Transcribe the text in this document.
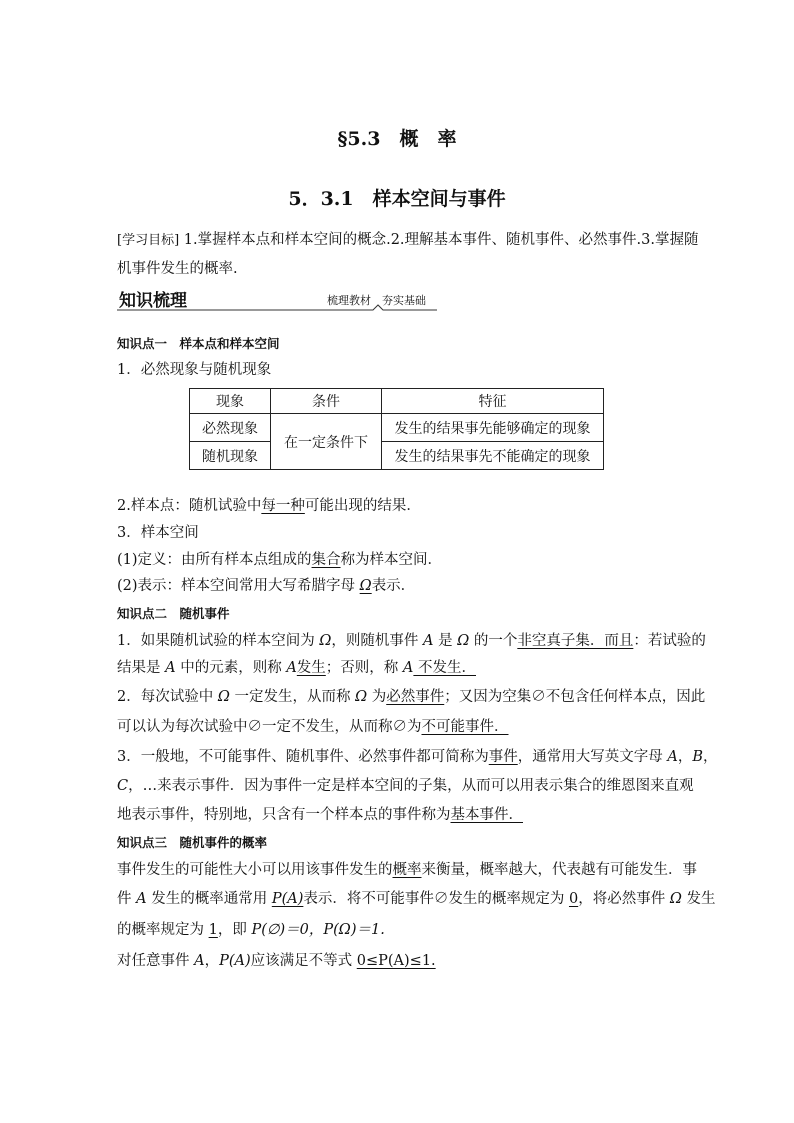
§5.3　概　率
5．3.1　样本空间与事件
[学习目标] 1.掌握样本点和样本空间的概念.2.理解基本事件、随机事件、必然事件.3.掌握随
机事件发生的概率.
知识梳理	梳理教材　夯实基础
知识点一　样本点和样本空间
1．必然现象与随机现象
现象	条件	特征
必然现象	在一定条件下	发生的结果事先能够确定的现象
随机现象		发生的结果事先不能确定的现象
2.样本点：随机试验中每一种可能出现的结果．
3．样本空间
(1)定义：由所有样本点组成的集合称为样本空间．
(2)表示：样本空间常用大写希腊字母 Ω表示．
知识点二　随机事件
1．如果随机试验的样本空间为 Ω，则随机事件 A 是 Ω 的一个非空真子集．而且：若试验的
结果是 A 中的元素，则称 A发生；否则，称 A 不发生．
2．每次试验中 Ω 一定发生，从而称 Ω 为必然事件；又因为空集∅不包含任何样本点，因此
可以认为每次试验中∅一定不发生，从而称∅为不可能事件．
3．一般地，不可能事件、随机事件、必然事件都可简称为事件，通常用大写英文字母 A，B，
C，…来表示事件．因为事件一定是样本空间的子集，从而可以用表示集合的维恩图来直观
地表示事件，特别地，只含有一个样本点的事件称为基本事件．
知识点三　随机事件的概率
事件发生的可能性大小可以用该事件发生的概率来衡量，概率越大，代表越有可能发生．事
件 A 发生的概率通常用 P(A)表示．将不可能事件∅发生的概率规定为 0，将必然事件 Ω 发生
的概率规定为 1，即 P(∅)＝0，P(Ω)＝1.
对任意事件 A，P(A)应该满足不等式 0≤P(A)≤1.
